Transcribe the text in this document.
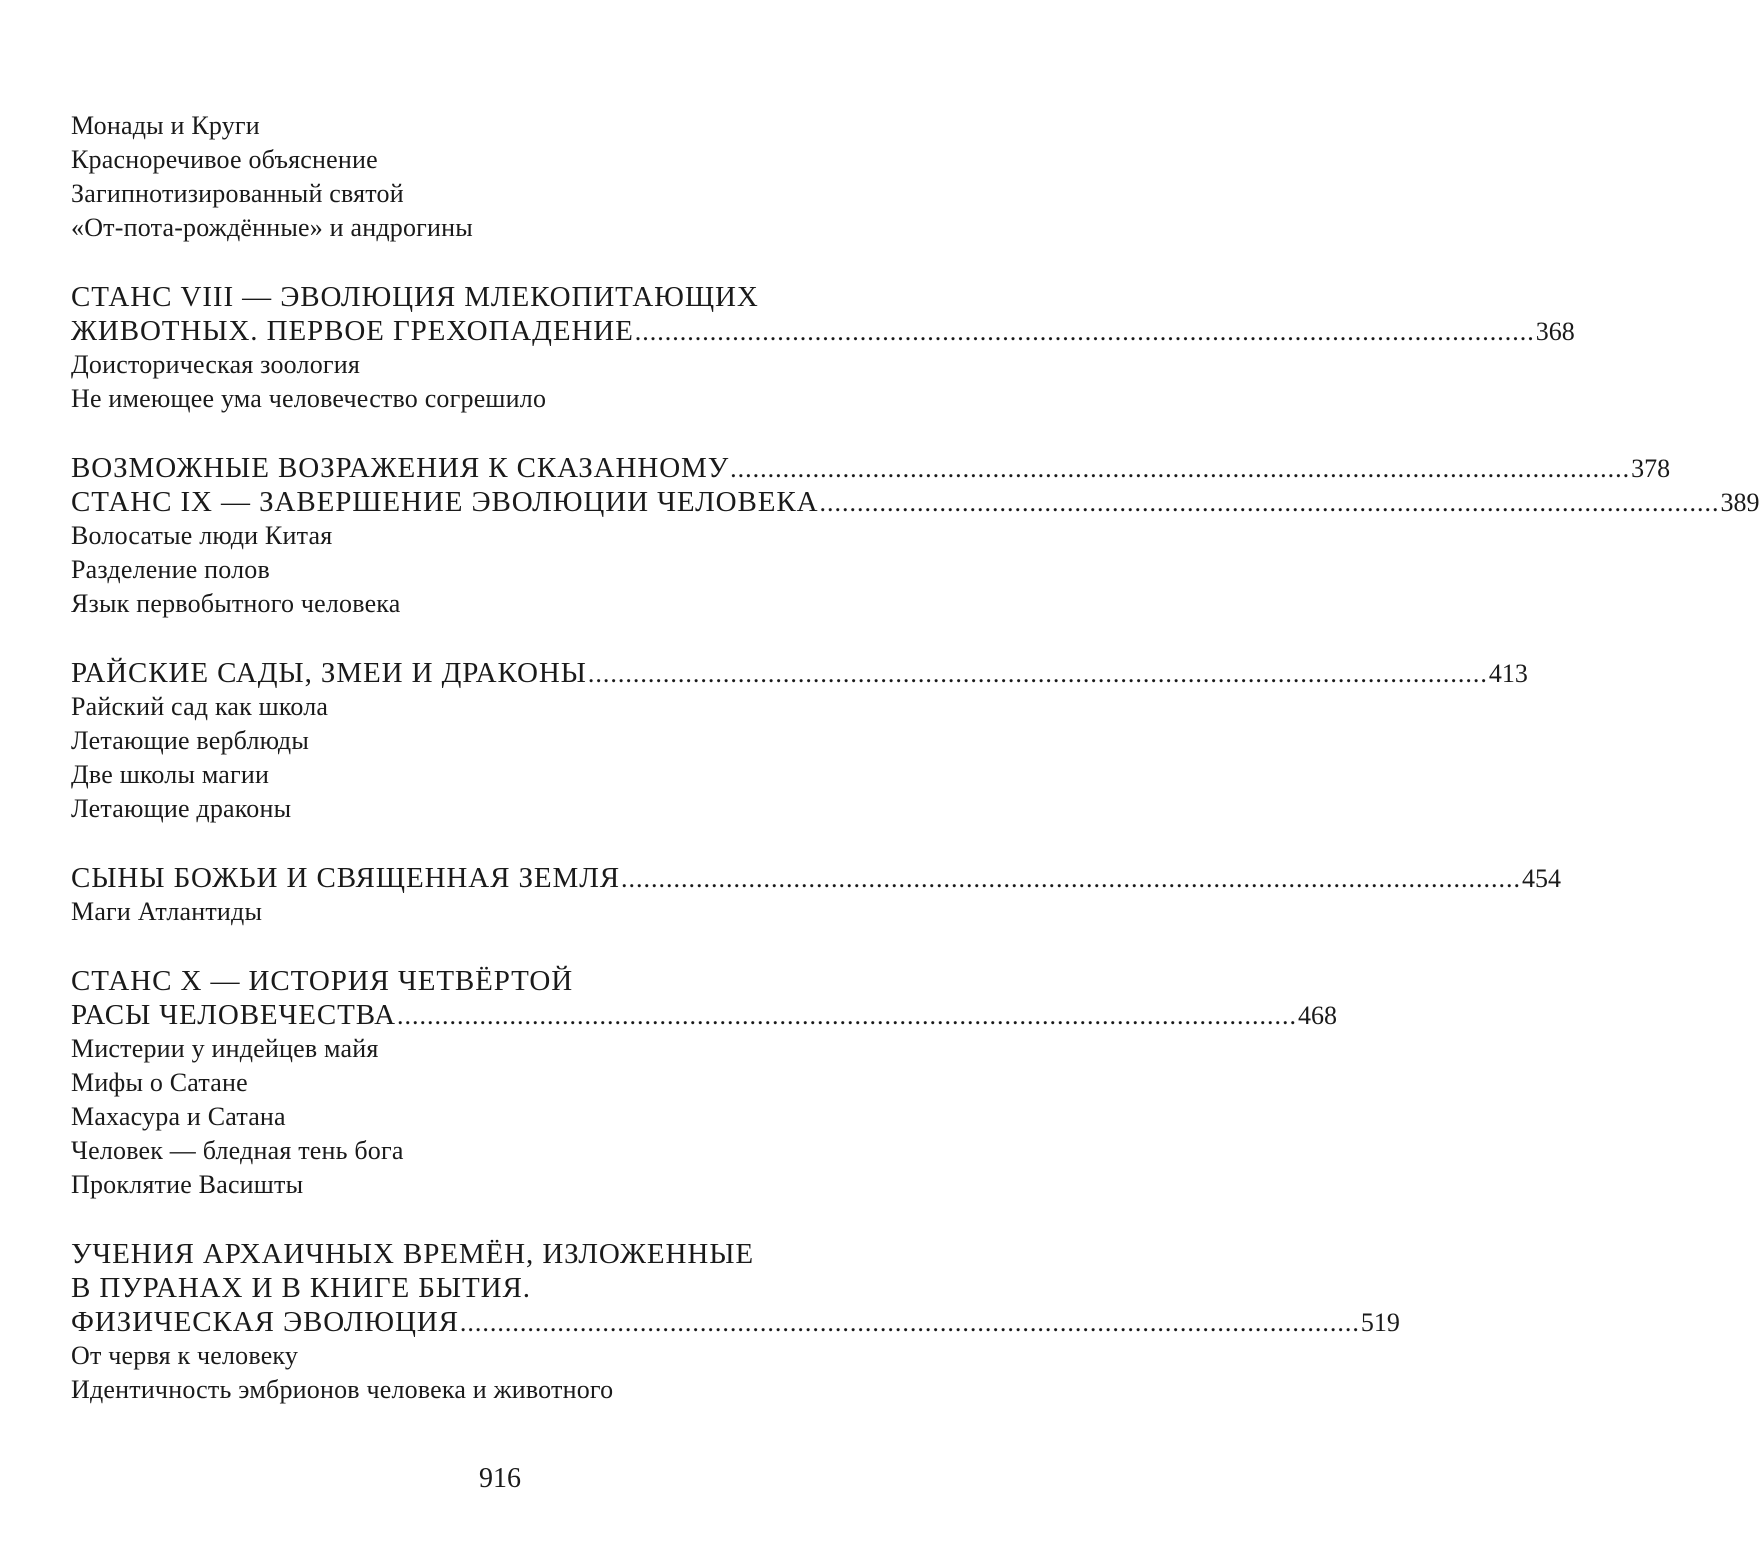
Монады и Круги
Красноречивое объяснение
Загипнотизированный святой
«От-пота-рождённые» и андрогины
СТАНС VIII — ЭВОЛЮЦИЯ МЛЕКОПИТАЮЩИХ
ЖИВОТНЫХ. ПЕРВОЕ ГРЕХОПАДЕНИЕ ........................................................................................................................ 368
Доисторическая зоология
Не имеющее ума человечество согрешило
ВОЗМОЖНЫЕ ВОЗРАЖЕНИЯ К СКАЗАННОМУ ........................................................................................................................ 378
СТАНС IX — ЗАВЕРШЕНИЕ ЭВОЛЮЦИИ ЧЕЛОВЕКА ........................................................................................................................ 389
Волосатые люди Китая
Разделение полов
Язык первобытного человека
РАЙСКИЕ САДЫ, ЗМЕИ И ДРАКОНЫ ........................................................................................................................ 413
Райский сад как школа
Летающие верблюды
Две школы магии
Летающие драконы
СЫНЫ БОЖЬИ И СВЯЩЕННАЯ ЗЕМЛЯ ........................................................................................................................ 454
Маги Атлантиды
СТАНС X — ИСТОРИЯ ЧЕТВЁРТОЙ
РАСЫ ЧЕЛОВЕЧЕСТВА ........................................................................................................................ 468
Мистерии у индейцев майя
Мифы о Сатане
Махасура и Сатана
Человек — бледная тень бога
Проклятие Васишты
УЧЕНИЯ АРХАИЧНЫХ ВРЕМЁН, ИЗЛОЖЕННЫЕ
В ПУРАНАХ И В КНИГЕ БЫТИЯ.
ФИЗИЧЕСКАЯ ЭВОЛЮЦИЯ ........................................................................................................................ 519
От червя к человеку
Идентичность эмбрионов человека и животного
916
